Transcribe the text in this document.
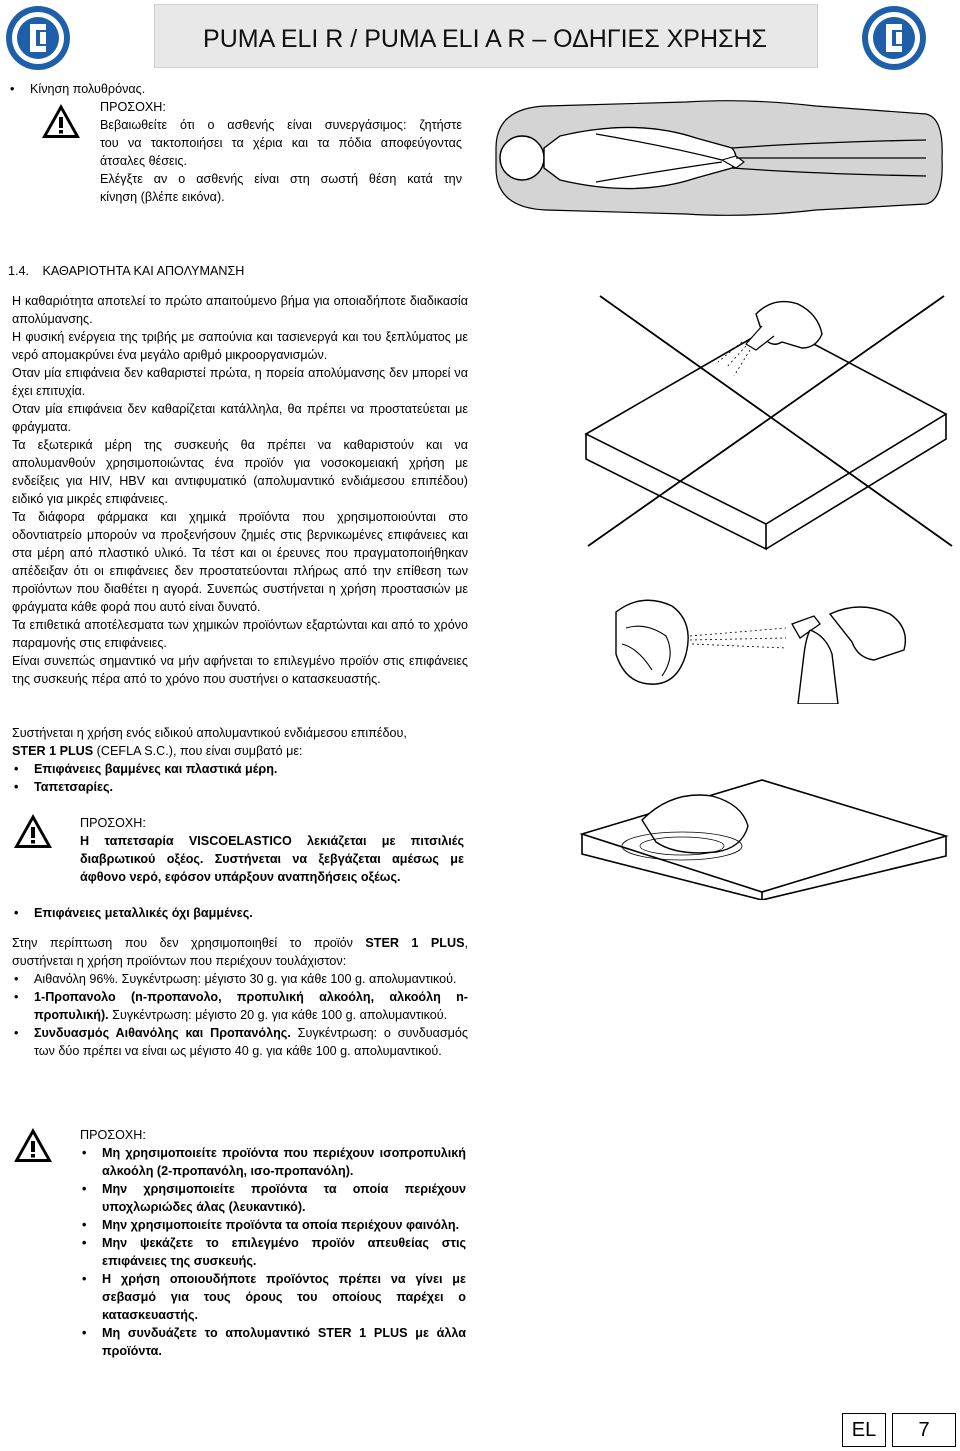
PUMA ELI R / PUMA ELI A R – ΟΔΗΓΙΕΣ ΧΡΗΣΗΣ
• Κίνηση πολυθρόνας.
ΠΡΟΣΟΧΗ:
Βεβαιωθείτε ότι ο ασθενής είναι συνεργάσιμος: ζητήστε
του να τακτοποιήσει τα χέρια και τα πόδια αποφεύγοντας
άτσαλες θέσεις.
Ελέγξτε αν ο ασθενής είναι στη σωστή θέση κατά την
κίνηση (βλέπε εικόνα).
1.4. ΚΑΘΑΡΙΟΤΗΤΑ ΚΑΙ ΑΠΟΛΥΜΑΝΣΗ
Η καθαριότητα αποτελεί το πρώτο απαιτούμενο βήμα για οποιαδήποτε διαδικασία απολύμανσης.
Η φυσική ενέργεια της τριβής με σαπούνια και τασιενεργά και του ξεπλύματος με νερό απομακρύνει ένα μεγάλο αριθμό μικροοργανισμών.
Οταν μία επιφάνεια δεν καθαριστεί πρώτα, η πορεία απολύμανσης δεν μπορεί να έχει επιτυχία.
Οταν μία επιφάνεια δεν καθαρίζεται κατάλληλα, θα πρέπει να προστατεύεται με φράγματα.
Τα εξωτερικά μέρη της συσκευής θα πρέπει να καθαριστούν και να απολυμανθούν χρησιμοποιώντας ένα προϊόν για νοσοκομειακή χρήση με ενδείξεις για HIV, HBV και αντιφυματικό (απολυμαντικό ενδιάμεσου επιπέδου) ειδικό για μικρές επιφάνειες.
Τα διάφορα φάρμακα και χημικά προϊόντα που χρησιμοποιούνται στο οδοντιατρείο μπορούν να προξενήσουν ζημιές στις βερνικωμένες επιφάνειες και στα μέρη από πλαστικό υλικό. Τα τέστ και οι έρευνες που πραγματοποιήθηκαν απέδειξαν ότι οι επιφάνειες δεν προστατεύονται πλήρως από την επίθεση των προϊόντων που διαθέτει η αγορά. Συνεπώς συστήνεται η χρήση προστασιών με φράγματα κάθε φορά που αυτό είναι δυνατό.
Τα επιθετικά αποτέλεσματα των χημικών προϊόντων εξαρτώνται και από το χρόνο παραμονής στις επιφάνειες.
Είναι συνεπώς σημαντικό να μήν αφήνεται το επιλεγμένο προϊόν στις επιφάνειες της συσκευής πέρα από το χρόνο που συστήνει ο κατασκευαστής.
Συστήνεται η χρήση ενός ειδικού απολυμαντικού ενδιάμεσου επιπέδου,
STER 1 PLUS (CEFLA S.C.), που είναι συμβατό με:
• Επιφάνειες βαμμένες και πλαστικά μέρη.
• Ταπετσαρίες.
ΠΡΟΣΟΧΗ:
Η ταπετσαρία VISCOELASTICO λεκιάζεται με πιτσιλιές
διαβρωτικού οξέος. Συστήνεται να ξεβγάζεται αμέσως με
άφθονο νερό, εφόσον υπάρξουν αναπηδήσεις οξέως.
• Επιφάνειες μεταλλικές όχι βαμμένες.
Στην περίπτωση που δεν χρησιμοποιηθεί το προϊόν STER 1 PLUS,
συστήνεται η χρήση προϊόντων που περιέχουν τουλάχιστον:
• Αιθανόλη 96%. Συγκέντρωση: μέγιστο 30 g. για κάθε 100 g. απολυμαντικού.
• 1-Προπανολο (n-προπανολο, προπυλική αλκοόλη, αλκοόλη n-προπυλική). Συγκέντρωση: μέγιστο 20 g. για κάθε 100 g. απολυμαντικού.
• Συνδυασμός Αιθανόλης και Προπανόλης. Συγκέντρωση: ο συνδυασμός των δύο πρέπει να είναι ως μέγιστο 40 g. για κάθε 100 g. απολυμαντικού.
ΠΡΟΣΟΧΗ:
• Μη χρησιμοποιείτε προϊόντα που περιέχουν ισοπροπυλική αλκοόλη (2-προπανόλη, ισο-προπανόλη).
• Μην χρησιμοποιείτε προϊόντα τα οποία περιέχουν υποχλωριώδες άλας (λευκαντικό).
• Μην χρησιμοποιείτε προϊόντα τα οποία περιέχουν φαινόλη.
• Μην ψεκάζετε το επιλεγμένο προϊόν απευθείας στις επιφάνειες της συσκευής.
• Η χρήση οποιουδήποτε προϊόντος πρέπει να γίνει με σεβασμό για τους όρους του οποίους παρέχει ο κατασκευαστής.
• Μη συνδυάζετε το απολυμαντικό STER 1 PLUS με άλλα προϊόντα.
EL	7
